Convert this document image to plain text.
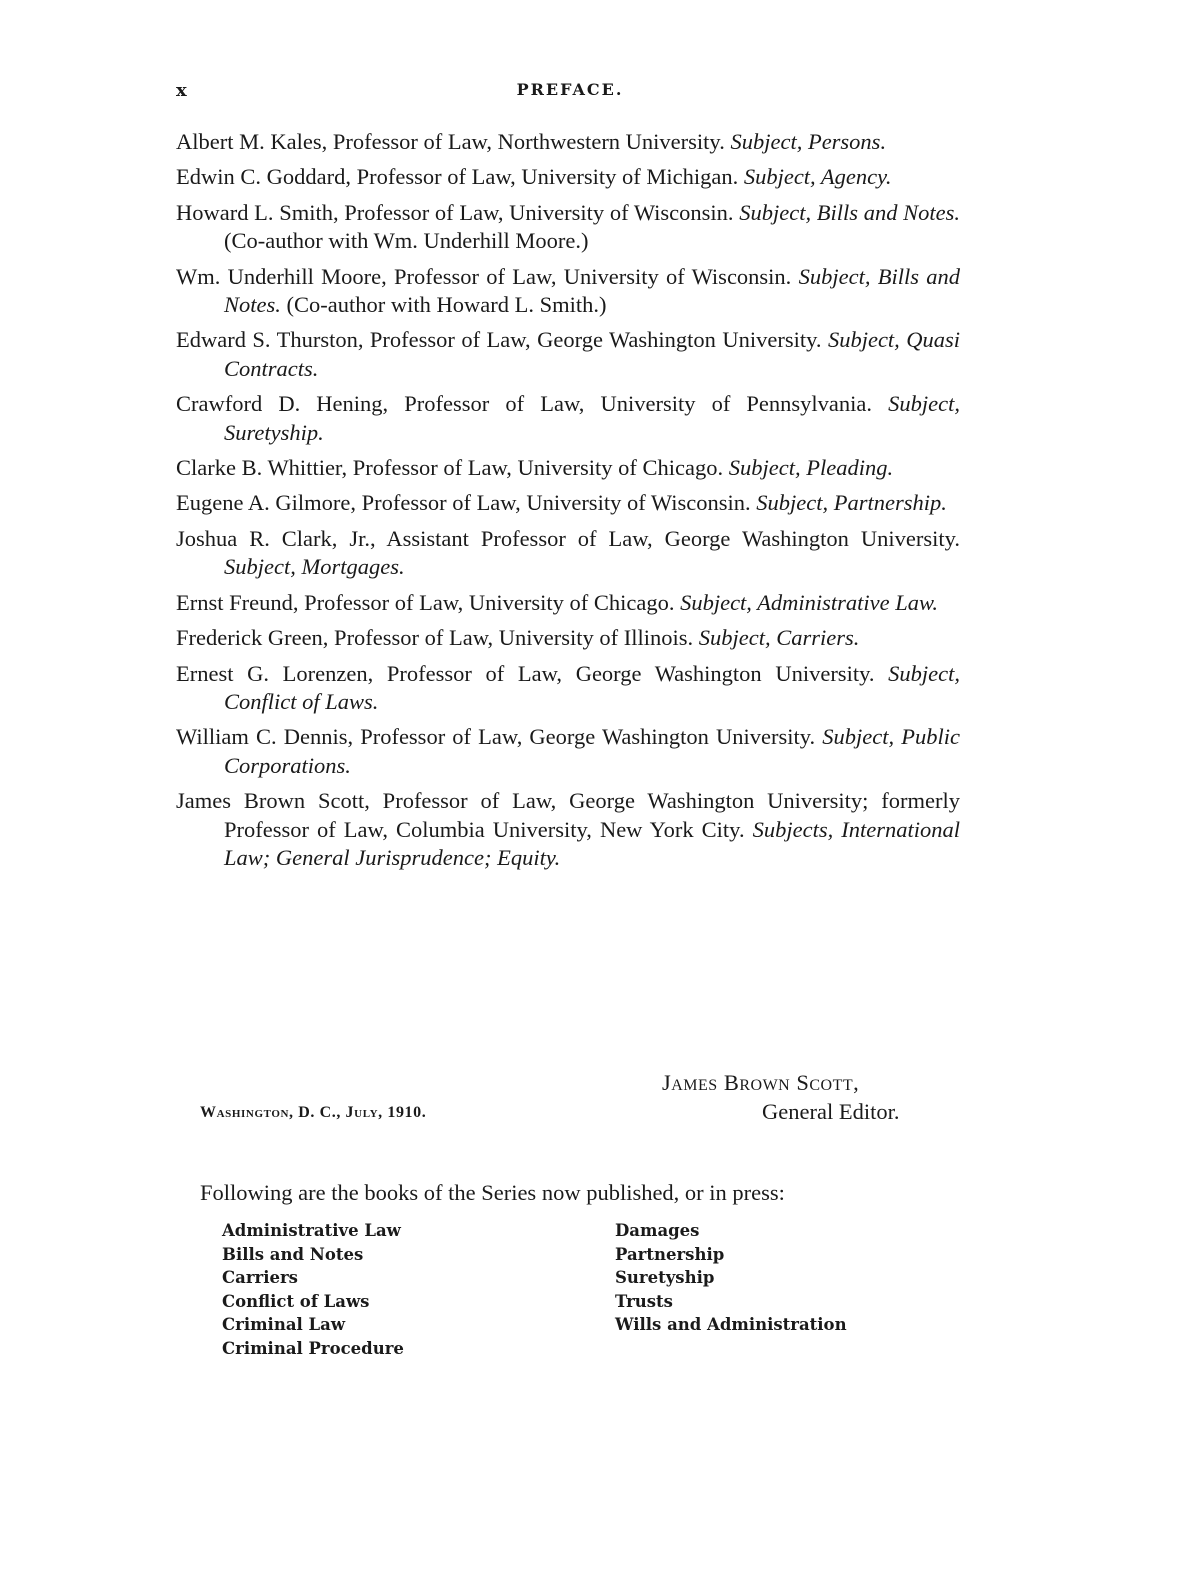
x	PREFACE.

Albert M. Kales, Professor of Law, Northwestern University. Subject, Persons.

Edwin C. Goddard, Professor of Law, University of Michigan. Subject, Agency.

Howard L. Smith, Professor of Law, University of Wisconsin. Subject, Bills and Notes. (Co-author with Wm. Underhill Moore.)

Wm. Underhill Moore, Professor of Law, University of Wisconsin. Subject, Bills and Notes. (Co-author with Howard L. Smith.)

Edward S. Thurston, Professor of Law, George Washington University. Subject, Quasi Contracts.

Crawford D. Hening, Professor of Law, University of Pennsylvania. Subject, Suretyship.

Clarke B. Whittier, Professor of Law, University of Chicago. Subject, Pleading.

Eugene A. Gilmore, Professor of Law, University of Wisconsin. Subject, Partnership.

Joshua R. Clark, Jr., Assistant Professor of Law, George Washington University. Subject, Mortgages.

Ernst Freund, Professor of Law, University of Chicago. Subject, Administrative Law.

Frederick Green, Professor of Law, University of Illinois. Subject, Carriers.

Ernest G. Lorenzen, Professor of Law, George Washington University. Subject, Conflict of Laws.

William C. Dennis, Professor of Law, George Washington University. Subject, Public Corporations.

James Brown Scott, Professor of Law, George Washington University; formerly Professor of Law, Columbia University, New York City. Subjects, International Law; General Jurisprudence; Equity.

James Brown Scott,
General Editor.
Washington, D. C., July, 1910.
Following are the books of the Series now published, or in press:
Administrative Law
Bills and Notes
Carriers
Conflict of Laws
Criminal Law
Criminal Procedure
Damages
Partnership
Suretyship
Trusts
Wills and Administration
